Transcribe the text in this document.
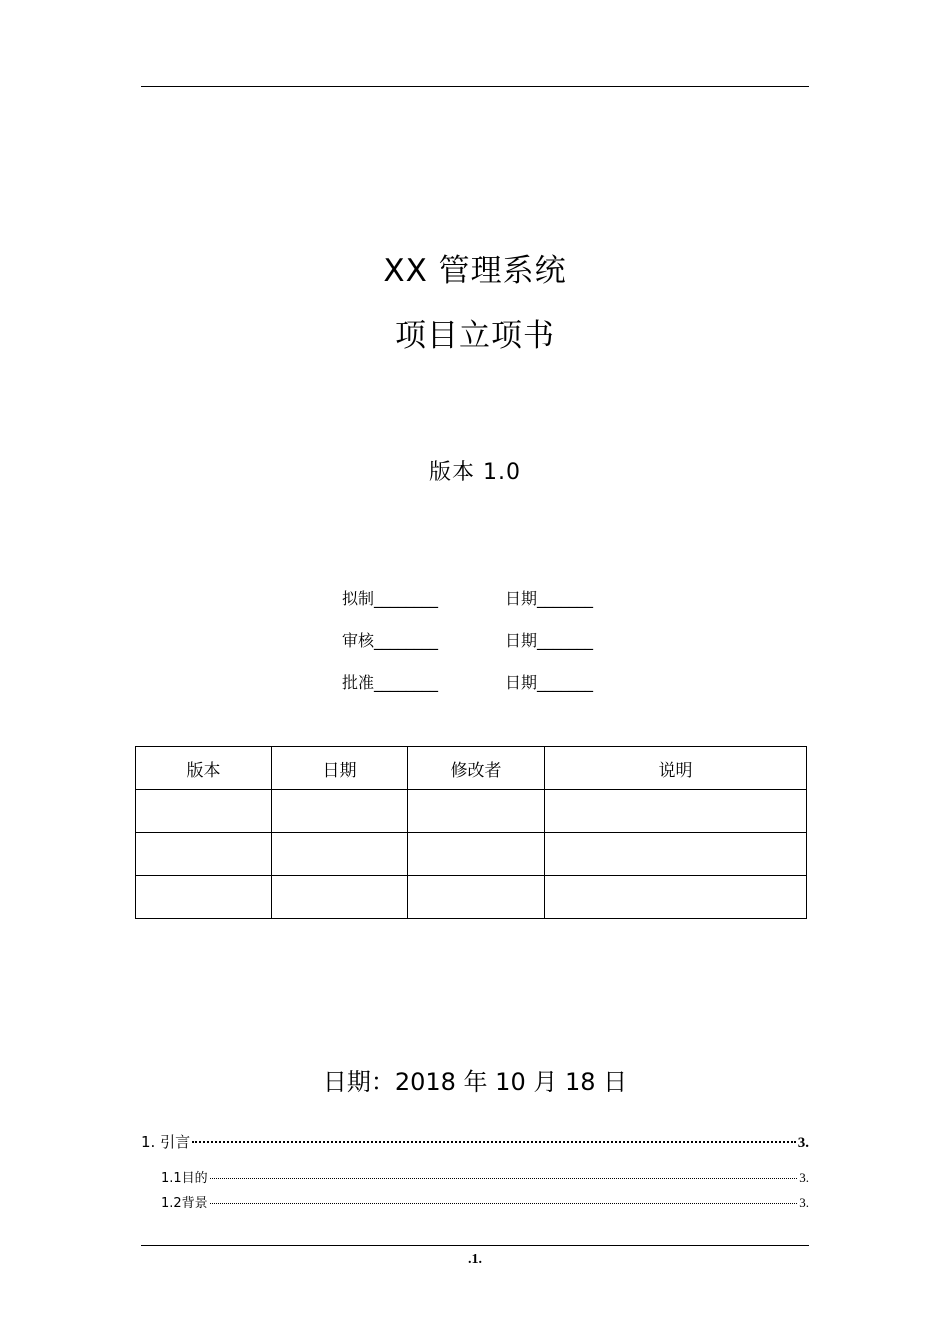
XX 管理系统
项目立项书
版本 1.0
拟制________	日期_______
审核________	日期_______
批准________	日期_______
版本	日期	修改者	说明

日期：2018 年 10 月 18 日
1. 引言	3.
1.1目的	3.
1.2背景	3.
.1.
